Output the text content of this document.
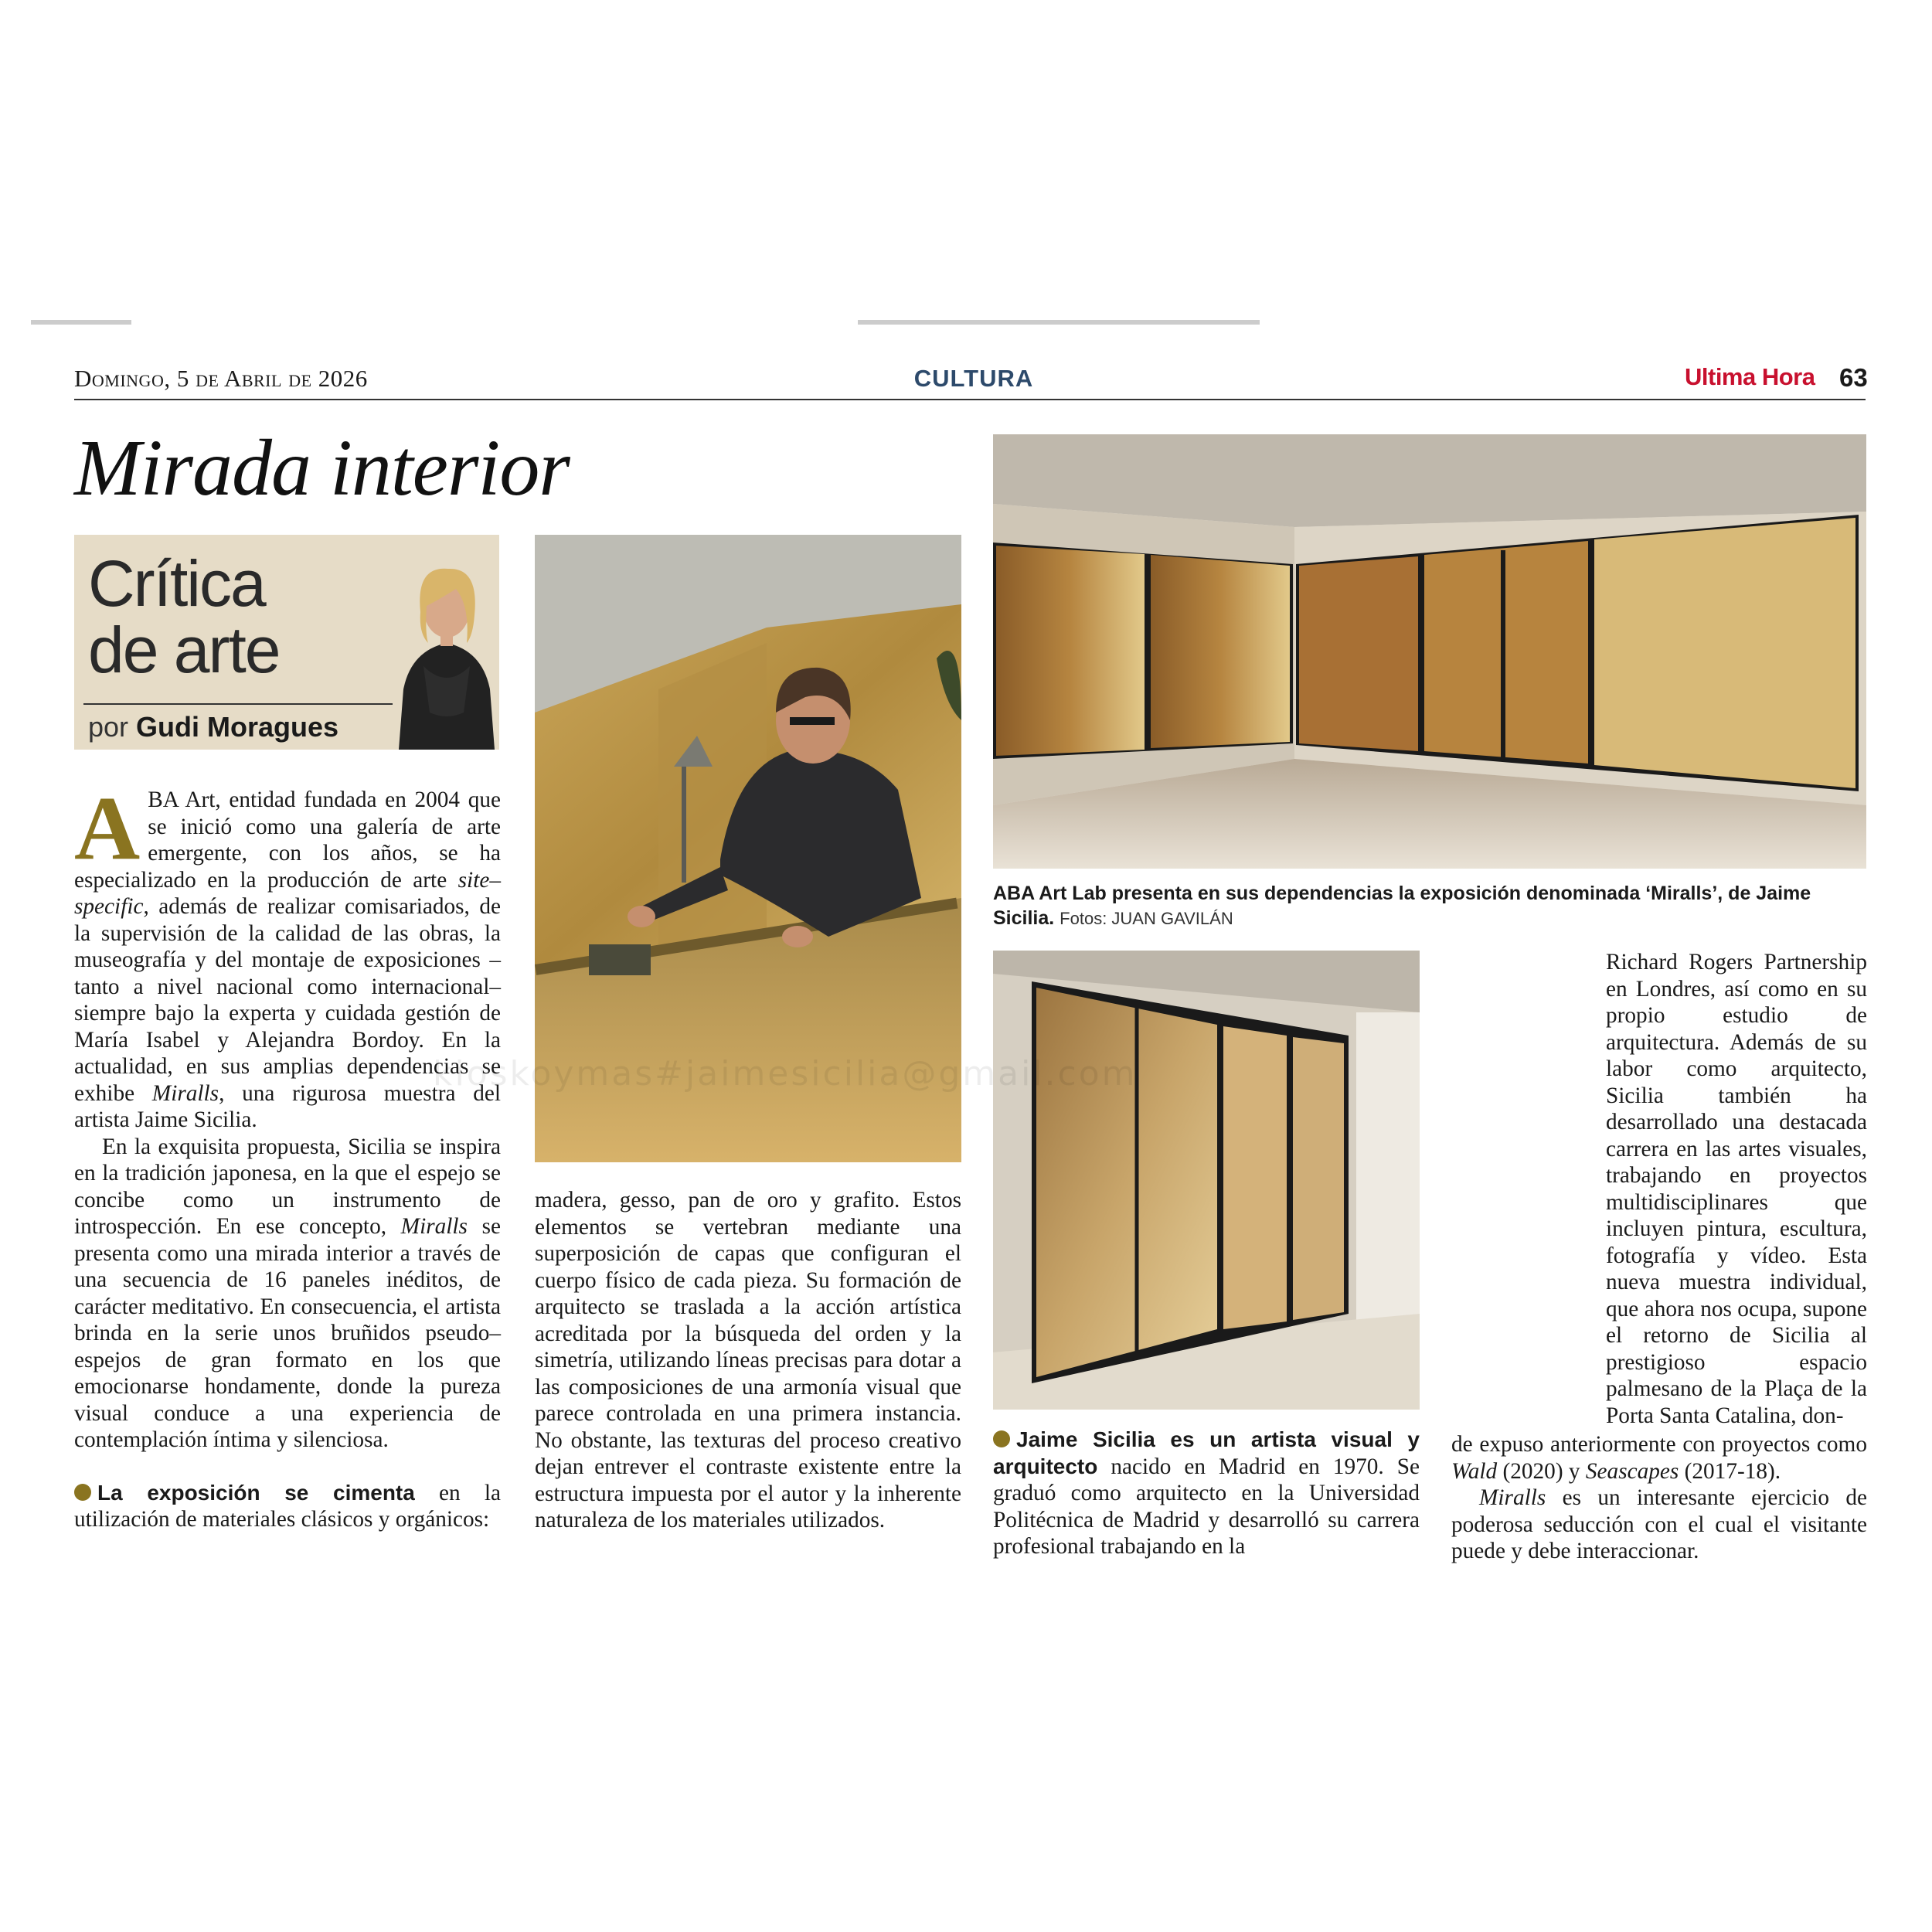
Domingo, 5 de Abril de 2026	CULTURA	Ultima Hora 63
Mirada interior
Crítica
de arte
por Gudi Moragues

ABA Art, entidad fundada en 2004 que se inició como una galería de arte emergente, con los años, se ha especializado en la producción de arte site–specific, además de realizar comisariados, de la supervisión de la calidad de las obras, la museografía y del montaje de exposiciones –tanto a nivel nacional como internacional– siempre bajo la experta y cuidada gestión de María Isabel y Alejandra Bordoy. En la actualidad, en sus amplias dependencias se exhibe Miralls, una rigurosa muestra del artista Jaime Sicilia.

En la exquisita propuesta, Sicilia se inspira en la tradición japonesa, en la que el espejo se concibe como un instrumento de introspección. En ese concepto, Miralls se presenta como una mirada interior a través de una secuencia de 16 paneles inéditos, de carácter meditativo. En consecuencia, el artista brinda en la serie unos bruñidos pseudo– espejos de gran formato en los que emocionarse hondamente, donde la pureza visual conduce a una experiencia de contemplación íntima y silenciosa.

La exposición se cimenta en la utilización de materiales clásicos y orgánicos:

ABA Art Lab presenta en sus dependencias la exposición denominada ‘Miralls’, de Jaime Sicilia. Fotos: JUAN GAVILÁN

madera, gesso, pan de oro y grafito. Estos elementos se vertebran mediante una superposición de capas que configuran el cuerpo físico de cada pieza. Su formación de arquitecto se traslada a la acción artística acreditada por la búsqueda del orden y la simetría, utilizando líneas precisas para dotar a las composiciones de una armonía visual que parece controlada en una primera instancia. No obstante, las texturas del proceso creativo dejan entrever el contraste existente entre la estructura impuesta por el autor y la inherente naturaleza de los materiales utilizados.

Jaime Sicilia es un artista visual y arquitecto nacido en Madrid en 1970. Se graduó como arquitecto en la Universidad Politécnica de Madrid y desarrolló su carrera profesional trabajando en la

Richard Rogers Partnership en Londres, así como en su propio estudio de arquitectura. Además de su labor como arquitecto, Sicilia también ha desarrollado una destacada carrera en las artes visuales, trabajando en proyectos multidisciplinares que incluyen pintura, escultura, fotografía y vídeo. Esta nueva muestra individual, que ahora nos ocupa, supone el retorno de Sicilia al prestigioso espacio palmesano de la Plaça de la Porta Santa Catalina, don-

de expuso anteriormente con proyectos como Wald (2020) y Seascapes (2017-18).

Miralls es un interesante ejercicio de poderosa seducción con el cual el visitante puede y debe interaccionar.

kioskoymas#jaimesicilia@gmail.com
